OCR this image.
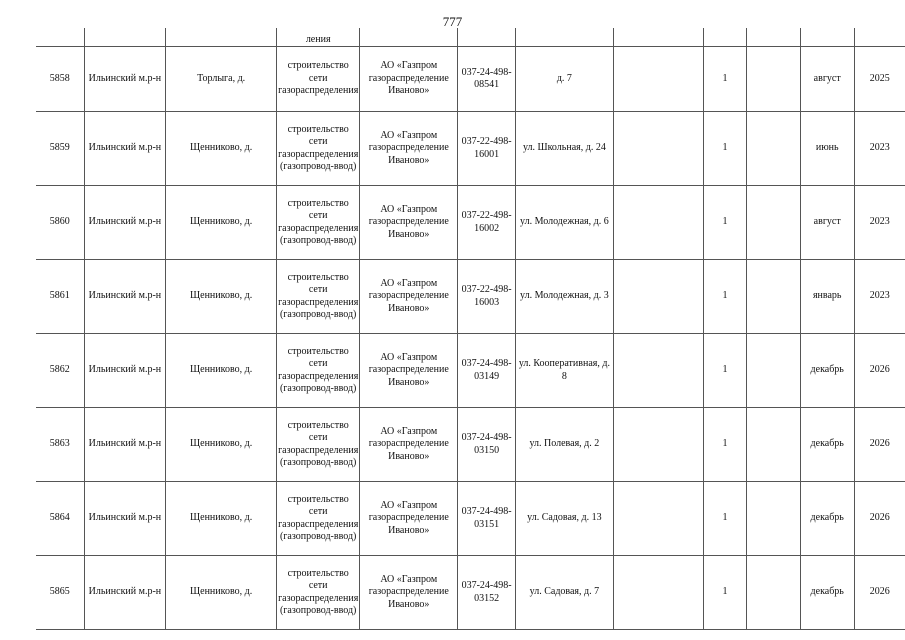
777
			ления								
5858	Ильинский м.р-н	Торлыга, д.	строительство сети газораспределения	АО «Газпром газораспределение Иваново»	037-24-498-08541	д. 7		1		август	2025
5859	Ильинский м.р-н	Щенниково, д.	строительство сети газораспределения (газопровод-ввод)	АО «Газпром газораспределение Иваново»	037-22-498-16001	ул. Школьная, д. 24		1		июнь	2023
5860	Ильинский м.р-н	Щенниково, д.	строительство сети газораспределения (газопровод-ввод)	АО «Газпром газораспределение Иваново»	037-22-498-16002	ул. Молодежная, д. 6		1		август	2023
5861	Ильинский м.р-н	Щенниково, д.	строительство сети газораспределения (газопровод-ввод)	АО «Газпром газораспределение Иваново»	037-22-498-16003	ул. Молодежная, д. 3		1		январь	2023
5862	Ильинский м.р-н	Щенниково, д.	строительство сети газораспределения (газопровод-ввод)	АО «Газпром газораспределение Иваново»	037-24-498-03149	ул. Кооперативная, д. 8		1		декабрь	2026
5863	Ильинский м.р-н	Щенниково, д.	строительство сети газораспределения (газопровод-ввод)	АО «Газпром газораспределение Иваново»	037-24-498-03150	ул. Полевая, д. 2		1		декабрь	2026
5864	Ильинский м.р-н	Щенниково, д.	строительство сети газораспределения (газопровод-ввод)	АО «Газпром газораспределение Иваново»	037-24-498-03151	ул. Садовая, д. 13		1		декабрь	2026
5865	Ильинский м.р-н	Щенниково, д.	строительство сети газораспределения (газопровод-ввод)	АО «Газпром газораспределение Иваново»	037-24-498-03152	ул. Садовая, д. 7		1		декабрь	2026
